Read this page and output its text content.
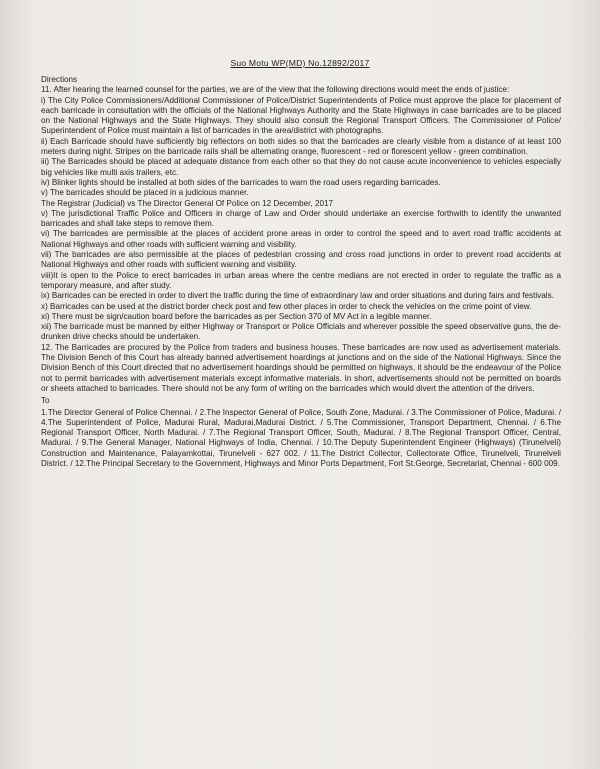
Suo Motu WP(MD) No.12892/2017

Directions

11. After hearing the learned counsel for the parties, we are of the view that the following directions would meet the ends of justice:

i) The City Police Commissioners/Additional Commissioner of Police/District Superintendents of Police must approve the place for placement of each barricade in consultation with the officials of the National Highways Authority and the State Highways in case barricades are to be placed on the National Highways and the State Highways. They should also consult the Regional Transport Officers. The Commissioner of Police/ Superintendent of Police must maintain a list of barricades in the area/district with photographs.

ii) Each Barricade should have sufficiently big reflectors on both sides so that the barricades are clearly visible from a distance of at least 100 meters during night. Stripes on the barricade rails shall be alternating orange, fluorescent - red or florescent yellow - green combination.

iii) The Barricades should be placed at adequate distance from each other so that they do not cause acute inconvenience to vehicles especially big vehicles like multi axis trailers, etc.

iv) Blinker lights should be installed at both sides of the barricades to warn the road users regarding barricades.

v) The barricades should be placed in a judicious manner.

The Registrar (Judicial) vs The Director General Of Police on 12 December, 2017

v) The jurisdictional Traffic Police and Officers in charge of Law and Order should undertake an exercise forthwith to identify the unwanted barricades and shall take steps to remove them.

vi) The barricades are permissible at the places of accident prone areas in order to control the speed and to avert road traffic accidents at National Highways and other roads with sufficient warning and visibility.

vii) The barricades are also permissible at the places of pedestrian crossing and cross road junctions in order to prevent road accidents at National Highways and other roads with sufficient warning and visibility.

viii)It is open to the Police to erect barricades in urban areas where the centre medians are not erected in order to regulate the traffic as a temporary measure, and after study.

ix) Barricades can be erected in order to divert the traffic during the time of extraordinary law and order situations and during fairs and festivals.

x) Barricades can be used at the district border check post and few other places in order to check the vehicles on the crime point of view.

xi) There must be sign/caution board before the barricades as per Section 370 of MV Act in a legible manner.

xii) The barricade must be manned by either Highway or Transport or Police Officials and wherever possible the speed observative guns, the de- drunken drive checks should be undertaken.

12. The Barricades are procured by the Police from traders and business houses. These barricades are now used as advertisement materials. The Division Bench of this Court has already banned advertisement hoardings at junctions and on the side of the National Highways. Since the Division Bench of this Court directed that no advertisement hoardings should be permitted on highways, it should be the endeavour of the Police not to permit barricades with advertisement materials except informative materials. In short, advertisements should not be permitted on boards or sheets attached to barricades. There should not be any form of writing on the barricades which would divert the attention of the drivers.

To

1.The Director General of Police Chennai. / 2.The Inspector General of Police, South Zone, Madurai. / 3.The Commissioner of Police, Madurai. / 4.The Superintendent of Police, Madurai Rural, Madurai,Madurai District. / 5.The Commissioner, Transport Department, Chennai. / 6.The Regional Transport Officer, North Madurai. / 7.The Regional Transport Officer, South, Madurai. / 8.The Regional Transport Officer, Central, Madurai. / 9.The General Manager, National Highways of India, Chennai. / 10.The Deputy Superintendent Engineer (Highways) (Tirunelveli) Construction and Maintenance, Palayamkottai, Tirunelveli - 627 002. / 11.The District Collector, Collectorate Office, Tirunelveli, Tirunelveli District. / 12.The Principal Secretary to the Government, Highways and Minor Ports Department, Fort St.George, Secretariat, Chennai - 600 009.
